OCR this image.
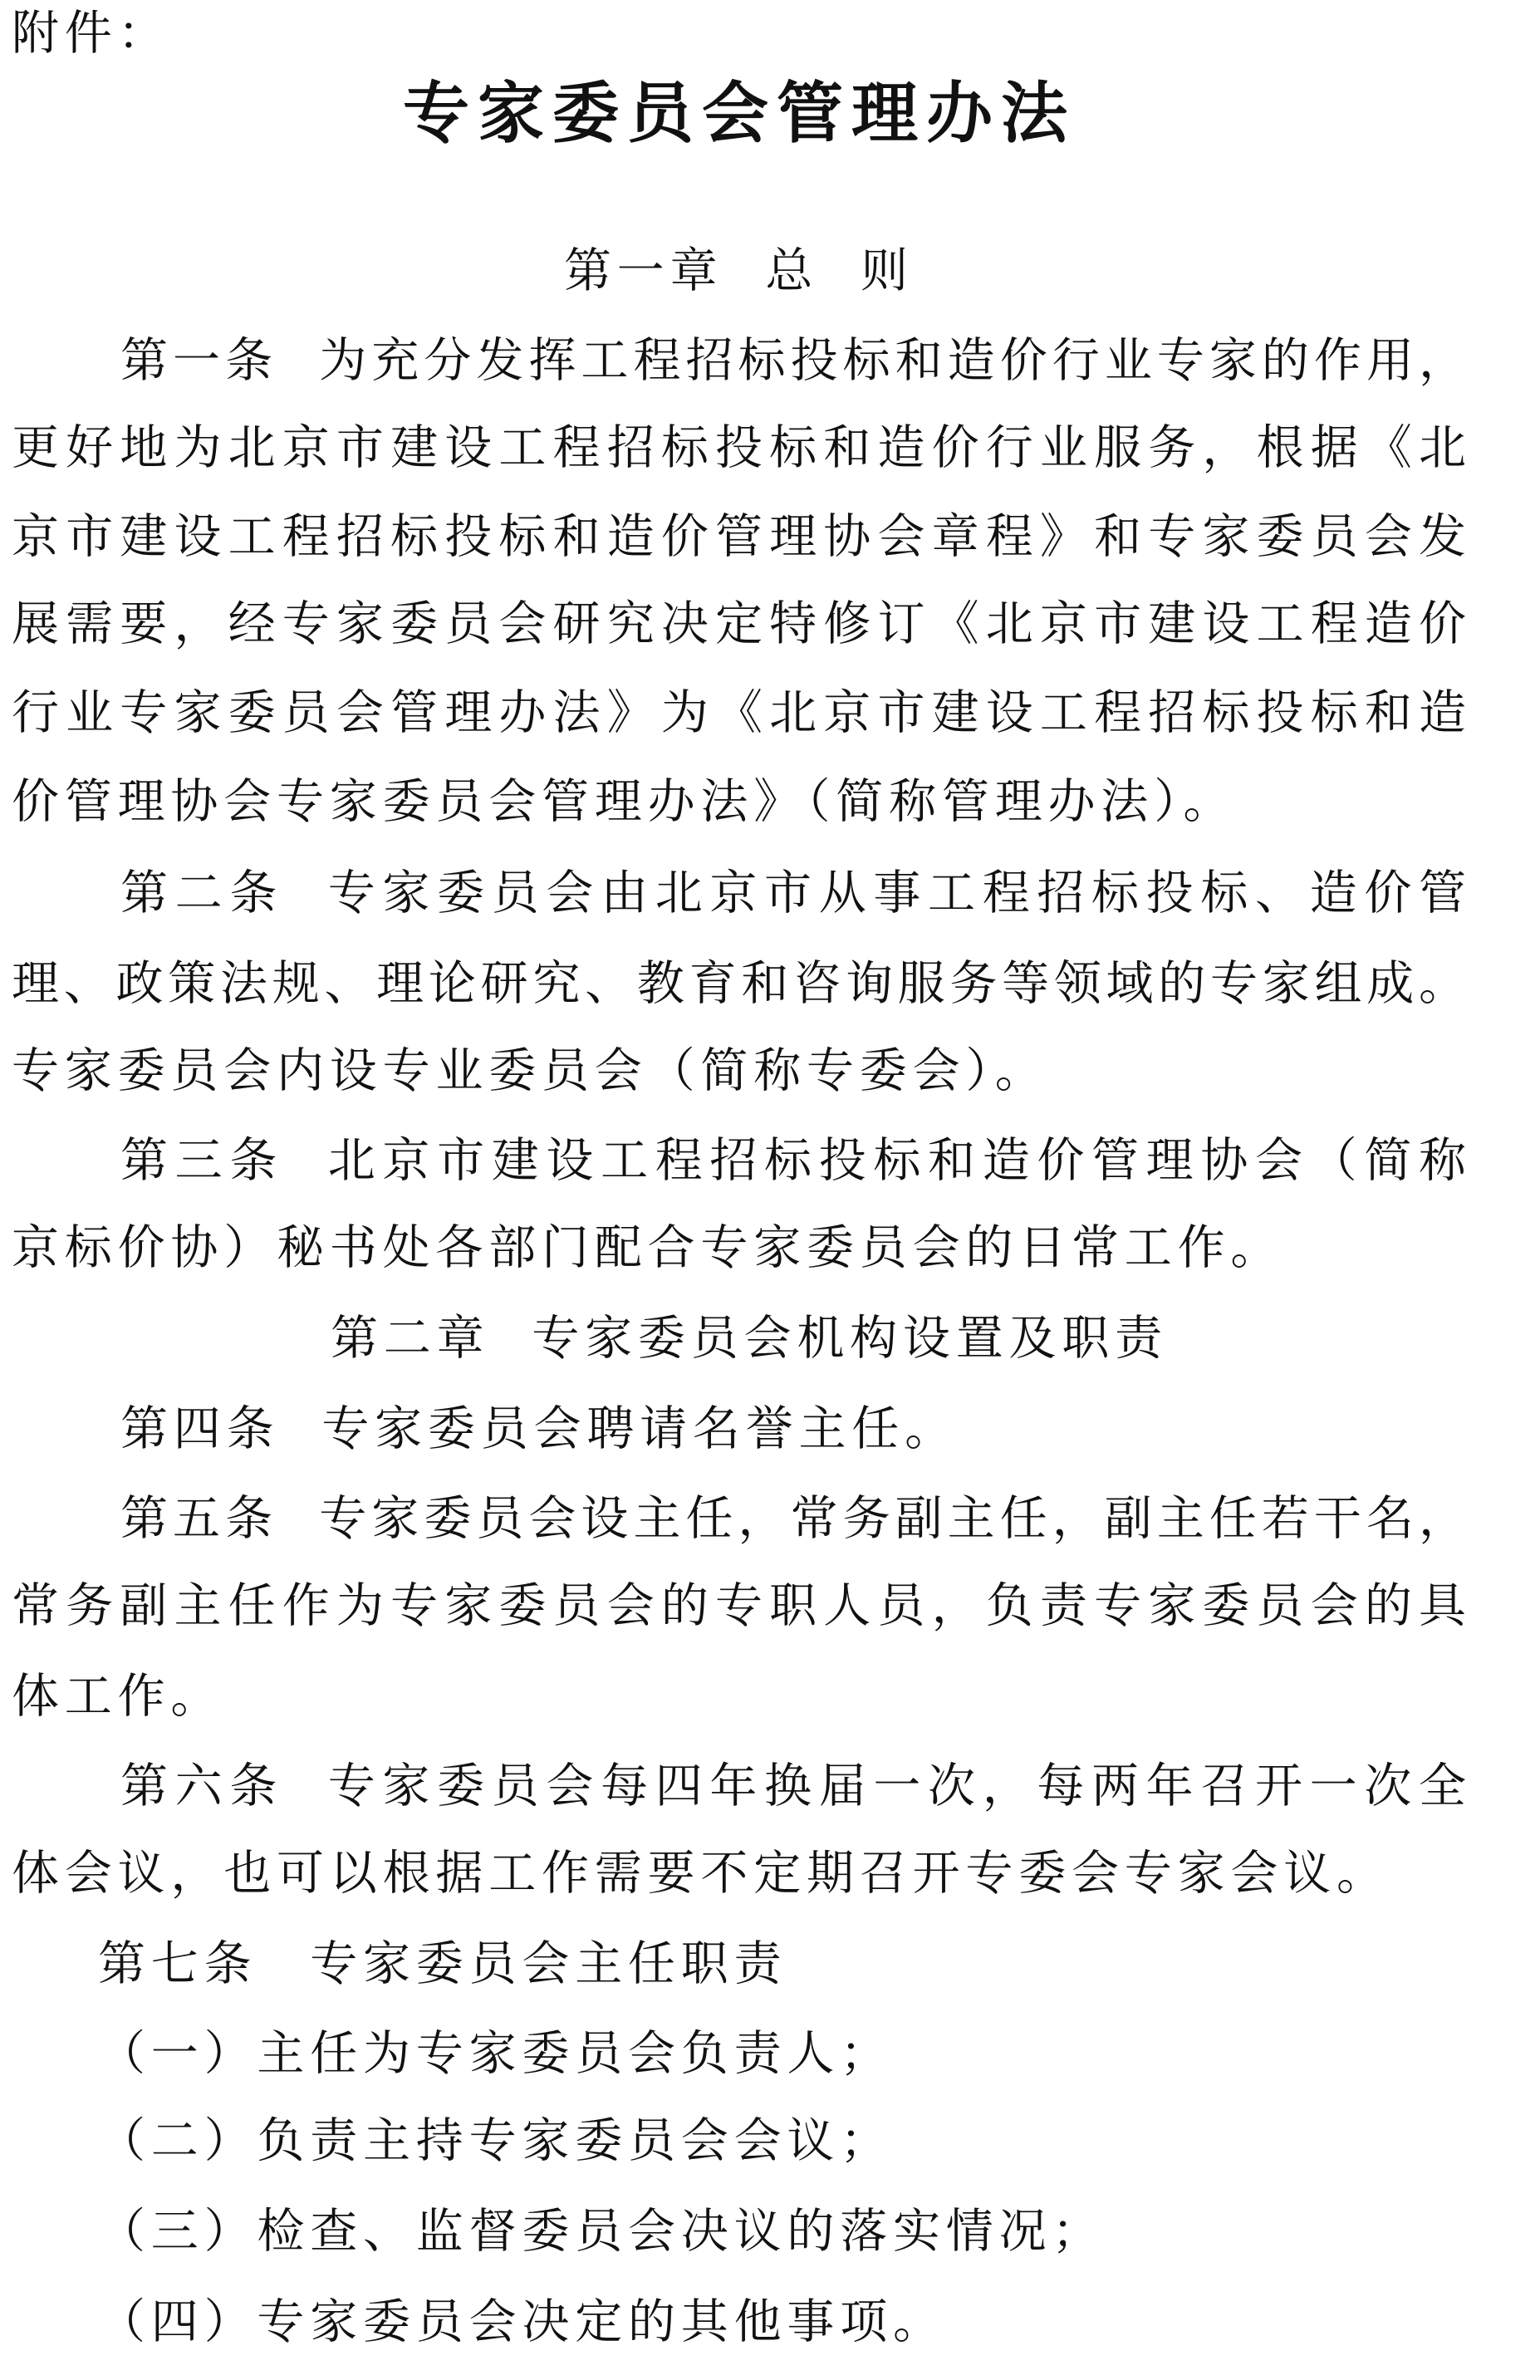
附件：
专家委员会管理办法
第一章 总 则
第一条 为充分发挥工程招标投标和造价行业专家的作用，
更好地为北京市建设工程招标投标和造价行业服务，根据《北
京市建设工程招标投标和造价管理协会章程》和专家委员会发
展需要，经专家委员会研究决定特修订《北京市建设工程造价
行业专家委员会管理办法》为《北京市建设工程招标投标和造
价管理协会专家委员会管理办法》（简称管理办法）。
第二条 专家委员会由北京市从事工程招标投标、造价管
理、政策法规、理论研究、教育和咨询服务等领域的专家组成。
专家委员会内设专业委员会（简称专委会）。
第三条 北京市建设工程招标投标和造价管理协会（简称
京标价协）秘书处各部门配合专家委员会的日常工作。
第二章 专家委员会机构设置及职责
第四条 专家委员会聘请名誉主任。
第五条 专家委员会设主任，常务副主任，副主任若干名，
常务副主任作为专家委员会的专职人员，负责专家委员会的具
体工作。
第六条 专家委员会每四年换届一次，每两年召开一次全
体会议，也可以根据工作需要不定期召开专委会专家会议。
第七条　专家委员会主任职责
（一）主任为专家委员会负责人；
（二）负责主持专家委员会会议；
（三）检查、监督委员会决议的落实情况；
（四）专家委员会决定的其他事项。
